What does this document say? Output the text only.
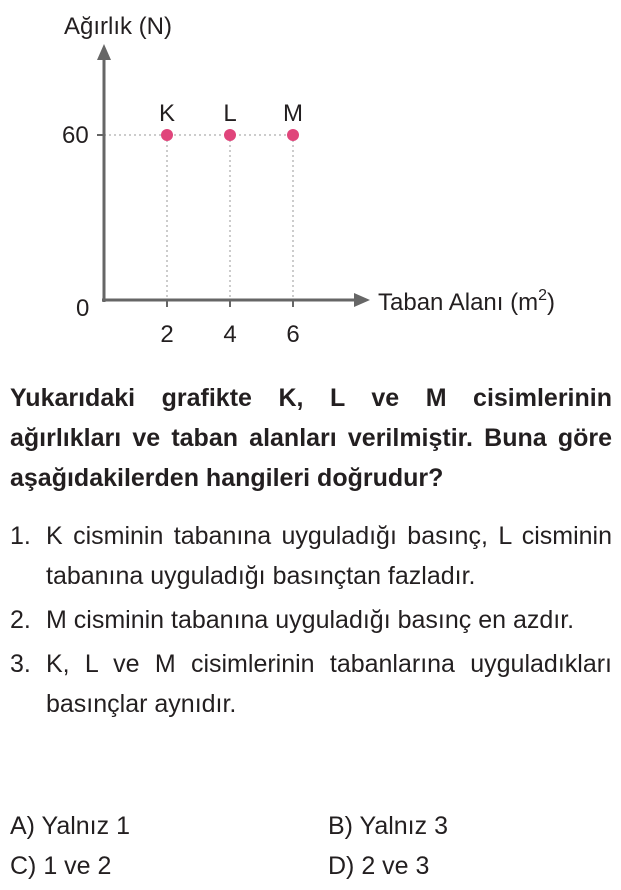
Ağırlık (N)
Taban Alanı $(m^2)$
0
60
2
K
4
L
6
M

Yukarıdaki grafikte K, L ve M cisimlerinin ağırlıkları ve taban alanları verilmiştir. Buna göre aşağıdakilerden hangileri doğrudur?

1. K cisminin tabanına uyguladığı basınç, L cisminin tabanına uyguladığı basınçtan fazladır.
2. M cisminin tabanına uyguladığı basınç en azdır.
3. K, L ve M cisimlerinin tabanlarına uyguladıkları basınçlar aynıdır.
A) Yalnız 1	B) Yalnız 3
C) 1 ve 2	D) 2 ve 3
